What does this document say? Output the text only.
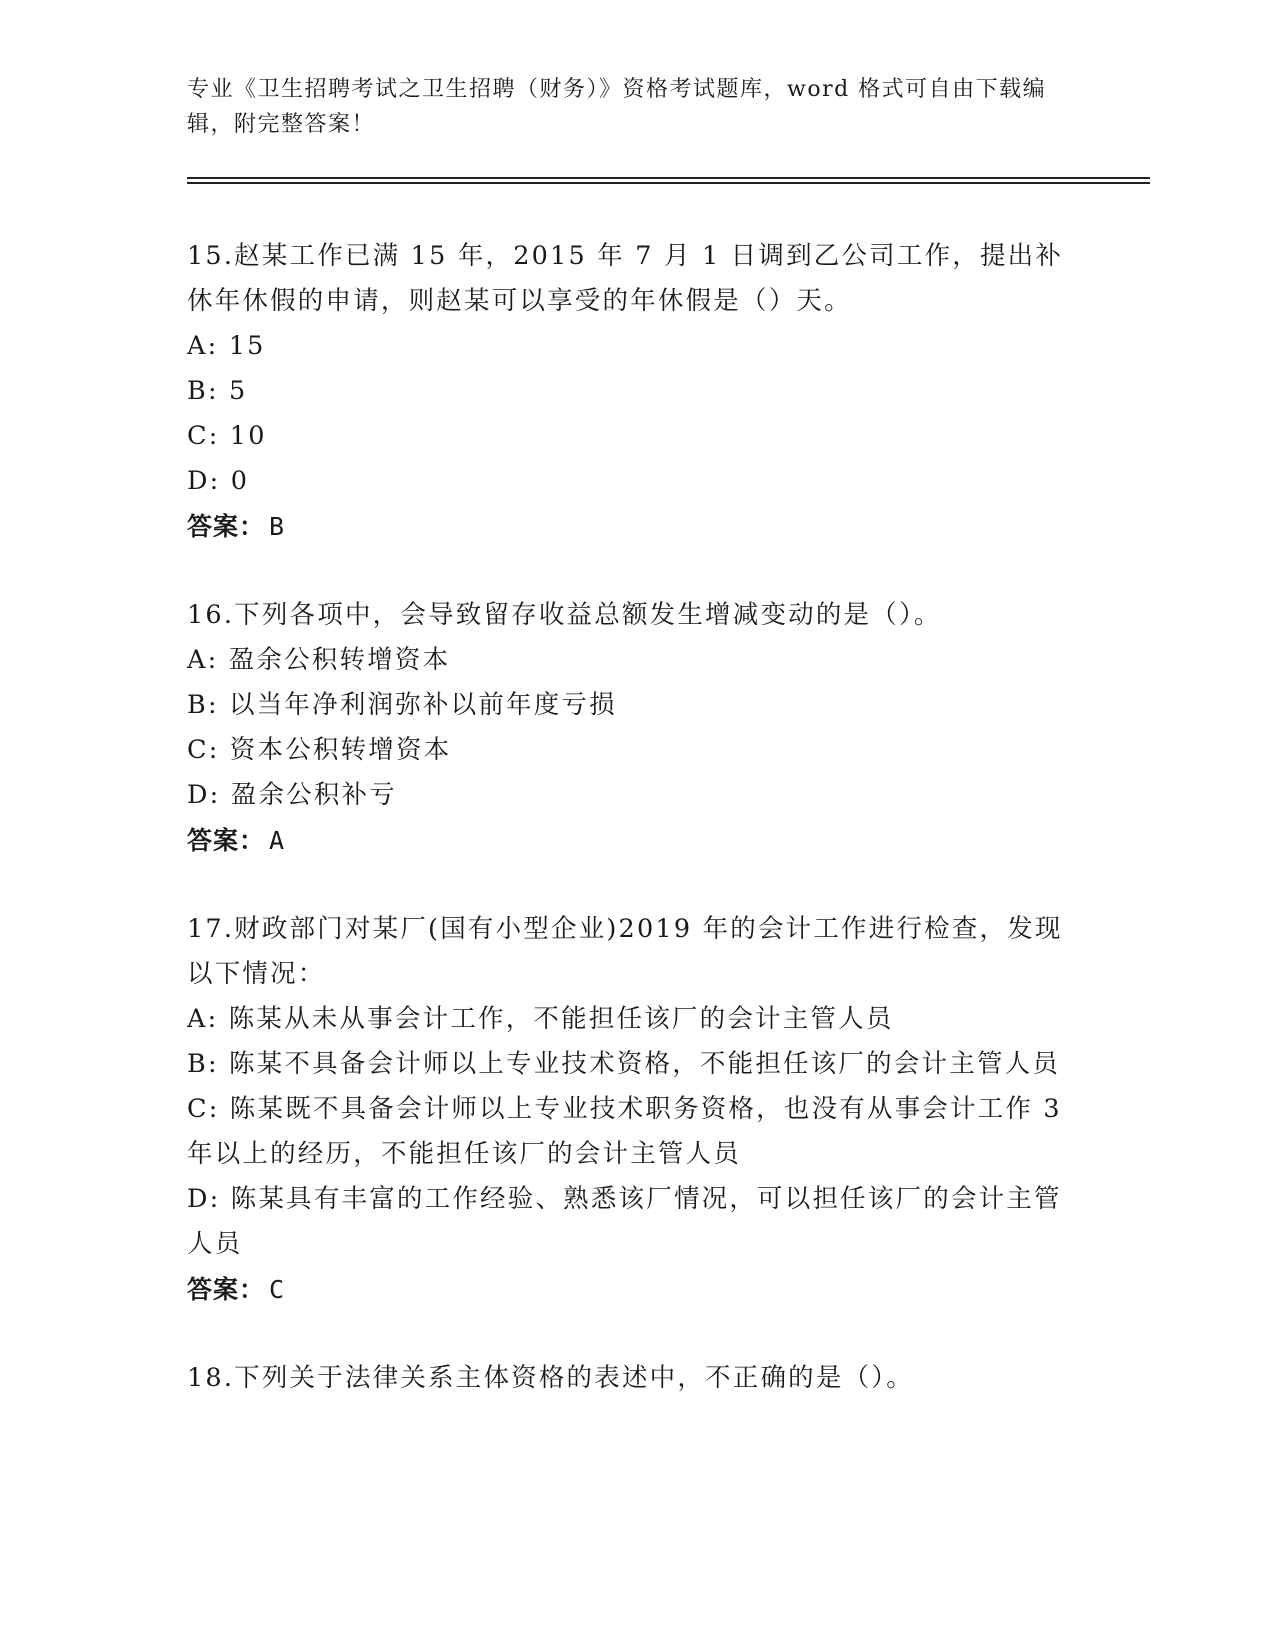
专业《卫生招聘考试之卫生招聘（财务）》资格考试题库，word 格式可自由下载编辑，附完整答案！
15.赵某工作已满 15 年，2015 年 7 月 1 日调到乙公司工作，提出补休年休假的申请，则赵某可以享受的年休假是（）天。
A: 15
B: 5
C: 10
D: 0
答案： B
16.下列各项中，会导致留存收益总额发生增减变动的是（）。
A: 盈余公积转增资本
B: 以当年净利润弥补以前年度亏损
C: 资本公积转增资本
D: 盈余公积补亏
答案： A
17.财政部门对某厂(国有小型企业)2019 年的会计工作进行检查，发现以下情况：
A: 陈某从未从事会计工作，不能担任该厂的会计主管人员
B: 陈某不具备会计师以上专业技术资格，不能担任该厂的会计主管人员
C: 陈某既不具备会计师以上专业技术职务资格，也没有从事会计工作 3 年以上的经历，不能担任该厂的会计主管人员
D: 陈某具有丰富的工作经验、熟悉该厂情况，可以担任该厂的会计主管人员
答案： C
18.下列关于法律关系主体资格的表述中，不正确的是（）。
